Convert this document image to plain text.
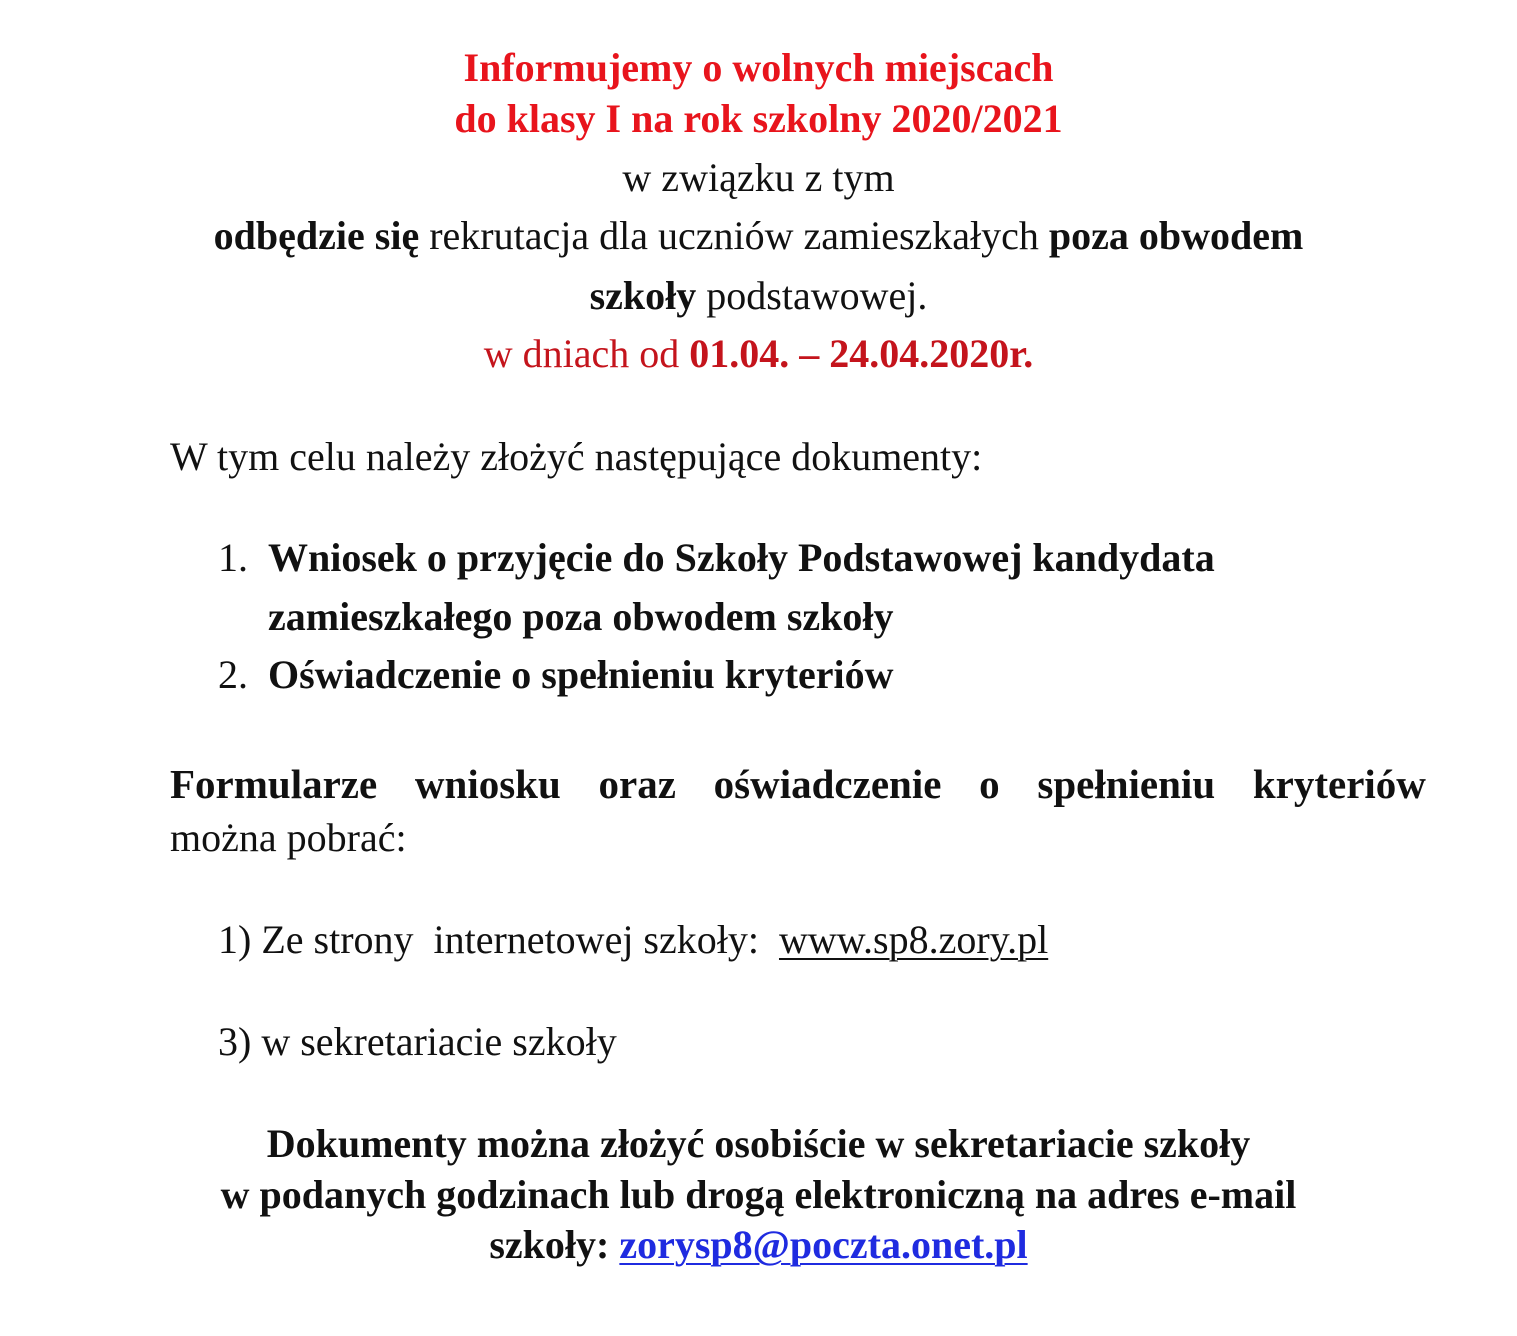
Informujemy o wolnych miejscach
do klasy I na rok szkolny 2020/2021
w związku z tym
odbędzie się rekrutacja dla uczniów zamieszkałych poza obwodem
szkoły podstawowej.
w dniach od 01.04. – 24.04.2020r.
W tym celu należy złożyć następujące dokumenty:
1. Wniosek o przyjęcie do Szkoły Podstawowej kandydata
zamieszkałego poza obwodem szkoły
2. Oświadczenie o spełnieniu kryteriów
Formularze wniosku oraz oświadczenie o spełnieniu kryteriów
można pobrać:
1) Ze strony  internetowej szkoły:  www.sp8.zory.pl
3) w sekretariacie szkoły
Dokumenty można złożyć osobiście w sekretariacie szkoły
w podanych godzinach lub drogą elektroniczną na adres e-mail
szkoły: zorysp8@poczta.onet.pl
